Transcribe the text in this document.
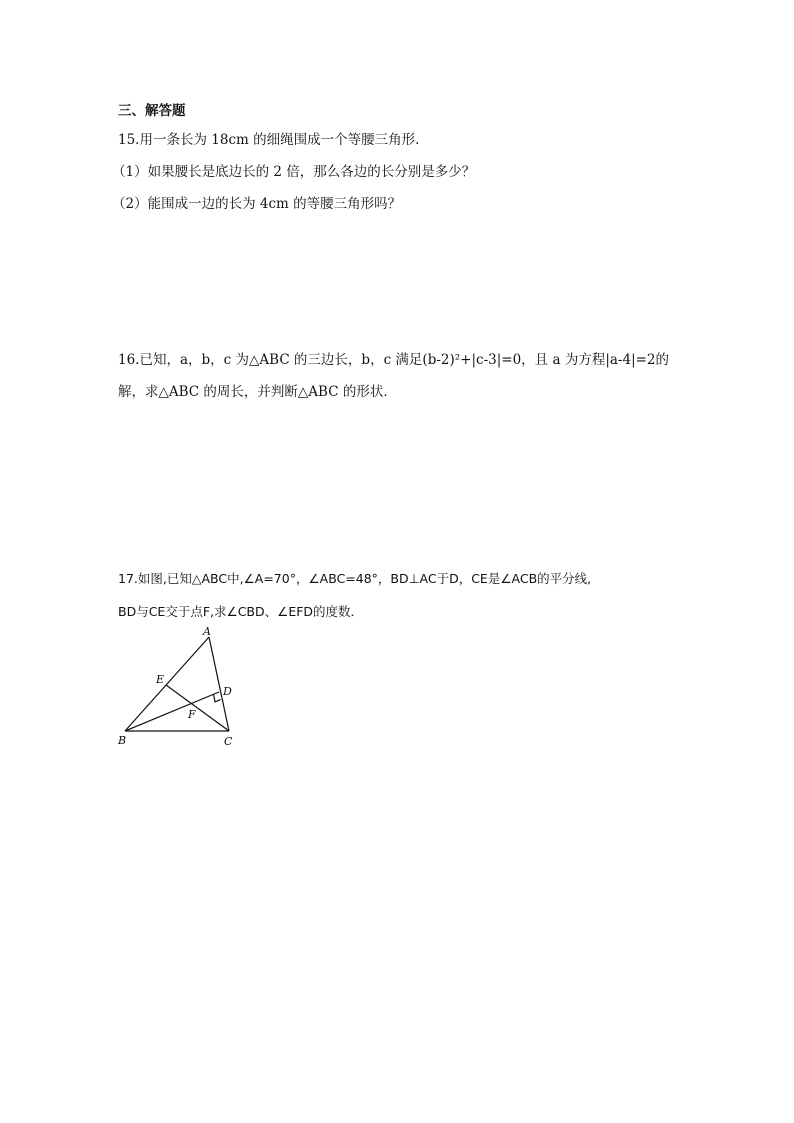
三、解答题
15.用一条长为 18cm 的细绳围成一个等腰三角形.
（1）如果腰长是底边长的 2 倍，那么各边的长分别是多少？
（2）能围成一边的长为 4cm 的等腰三角形吗？
16.已知，a，b，c 为△ABC 的三边长，b，c 满足(b-2)²+|c-3|=0，且 a 为方程|a-4|=2的
解，求△ABC 的周长，并判断△ABC 的形状．
17.如图,已知△ABC中,∠A=70°，∠ABC=48°，BD⊥AC于D，CE是∠ACB的平分线,
BD与CE交于点F,求∠CBD、∠EFD的度数．
A
B	C
D
E
F
